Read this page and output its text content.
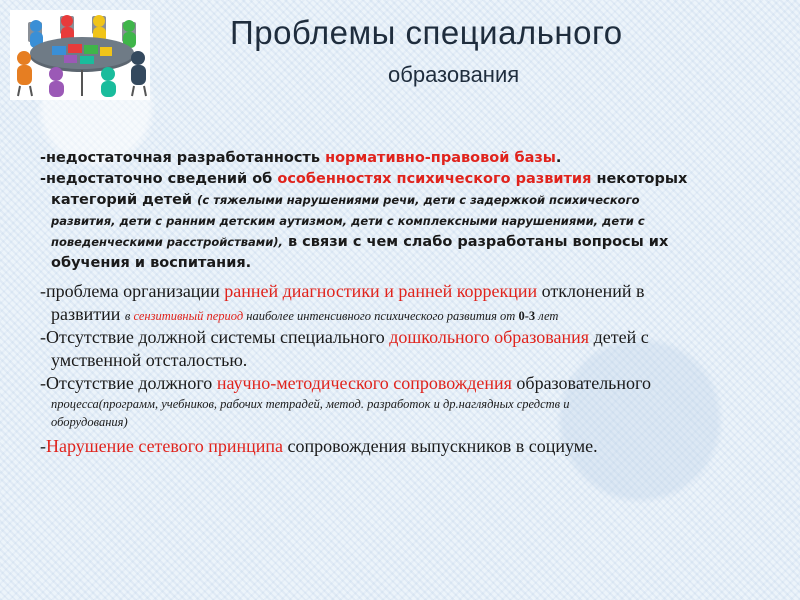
Проблемы специального
образования

-недостаточная разработанность нормативно-правовой базы.

-недостаточно сведений об особенностях психического развития некоторых

категорий детей (с тяжелыми нарушениями речи, дети с задержкой психического

развития, дети с ранним детским аутизмом, дети с комплексными нарушениями, дети с

поведенческими расстройствами), в связи с чем слабо разработаны вопросы их

обучения и воспитания.

-проблема организации ранней диагностики и ранней коррекции отклонений в

развитии в сензитивный период наиболее интенсивного психического развития от 0-3 лет

-Отсутствие должной системы специального дошкольного образования детей с

умственной отсталостью.

-Отсутствие должного научно-методического сопровождения образовательного

процесса(программ, учебников, рабочих тетрадей, метод. разработок и др.наглядных средств и

оборудования)

-Нарушение сетевого принципа сопровождения выпускников в социуме.
